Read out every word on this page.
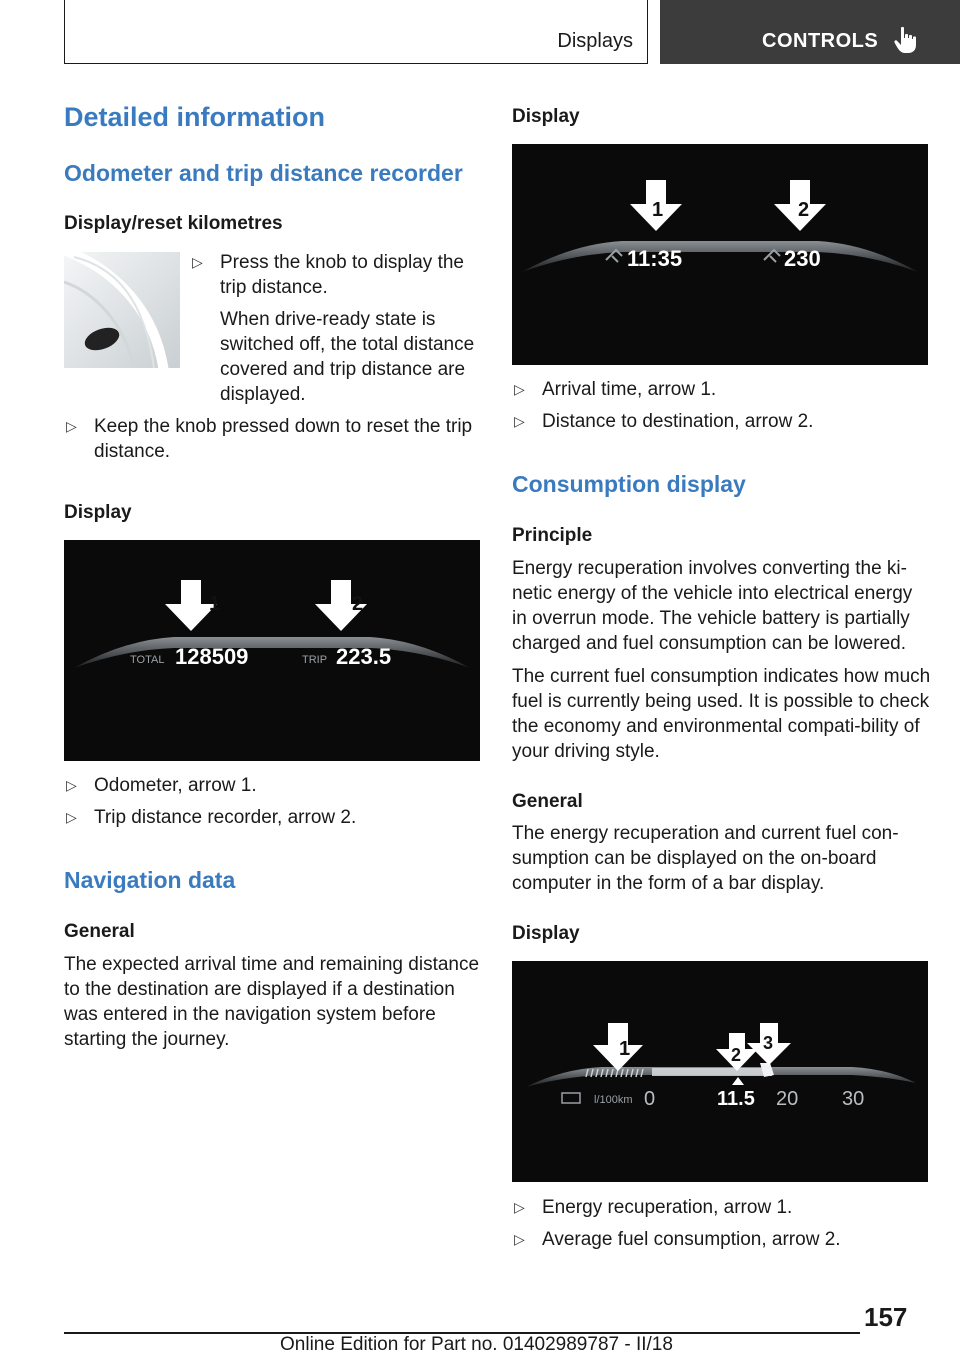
Displays	CONTROLS
Detailed information
Odometer and trip distance recorder
Display/reset kilometres
▷ Press the knob to display the trip distance.
When drive-ready state is switched off, the total distance covered and trip distance are displayed.
▷ Keep the knob pressed down to reset the trip distance.
Display
1	2
TOTAL 128509	TRIP 223.5
▷ Odometer, arrow 1.
▷ Trip distance recorder, arrow 2.
Navigation data
General
The expected arrival time and remaining distance to the destination are displayed if a destination was entered in the navigation system before starting the journey.
Display
1	2
11:35	230
▷ Arrival time, arrow 1.
▷ Distance to destination, arrow 2.
Consumption display
Principle
Energy recuperation involves converting the ki-netic energy of the vehicle into electrical energy in overrun mode. The vehicle battery is partially charged and fuel consumption can be lowered.
The current fuel consumption indicates how much fuel is currently being used. It is possible to check the economy and environmental compati-bility of your driving style.
General
The energy recuperation and current fuel con-sumption can be displayed on the on-board computer in the form of a bar display.
Display
1	2
3
l/100km 0	11.5 20 30
▷ Energy recuperation, arrow 1.
▷ Average fuel consumption, arrow 2.
157
Online Edition for Part no. 01402989787 - II/18
